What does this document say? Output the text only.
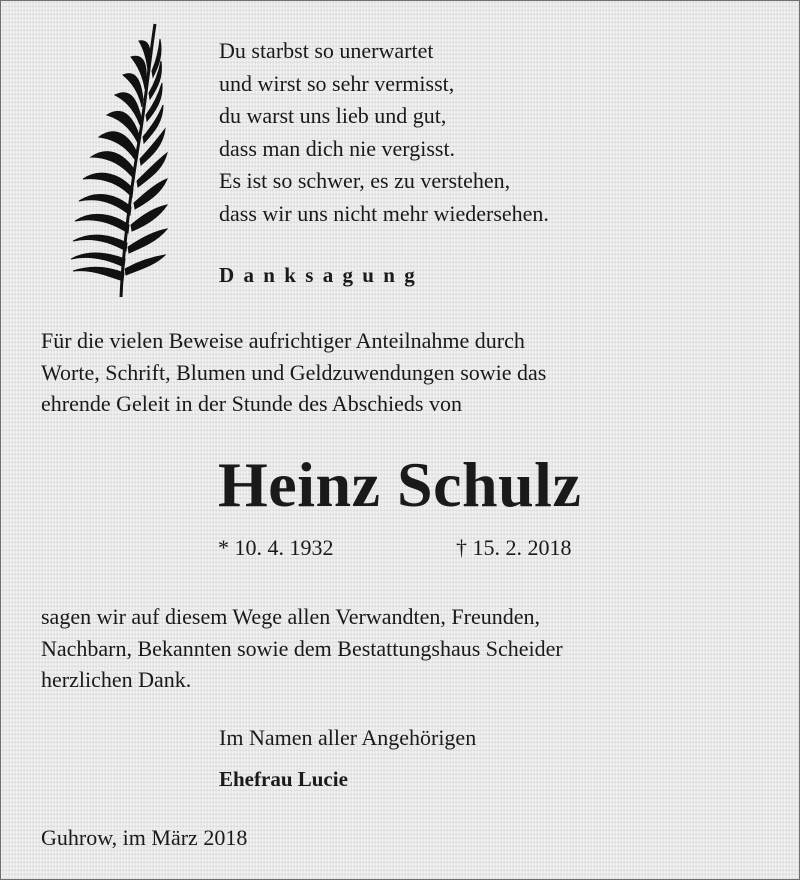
Du starbst so unerwartet
und wirst so sehr vermisst,
du warst uns lieb und gut,
dass man dich nie vergisst.
Es ist so schwer, es zu verstehen,
dass wir uns nicht mehr wiedersehen.
Danksagung
Für die vielen Beweise aufrichtiger Anteilnahme durch
Worte, Schrift, Blumen und Geldzuwendungen sowie das
ehrende Geleit in der Stunde des Abschieds von
Heinz Schulz
* 10. 4. 1932	† 15. 2. 2018
sagen wir auf diesem Wege allen Verwandten, Freunden,
Nachbarn, Bekannten sowie dem Bestattungshaus Scheider
herzlichen Dank.
Im Namen aller Angehörigen
Ehefrau Lucie
Guhrow, im März 2018
